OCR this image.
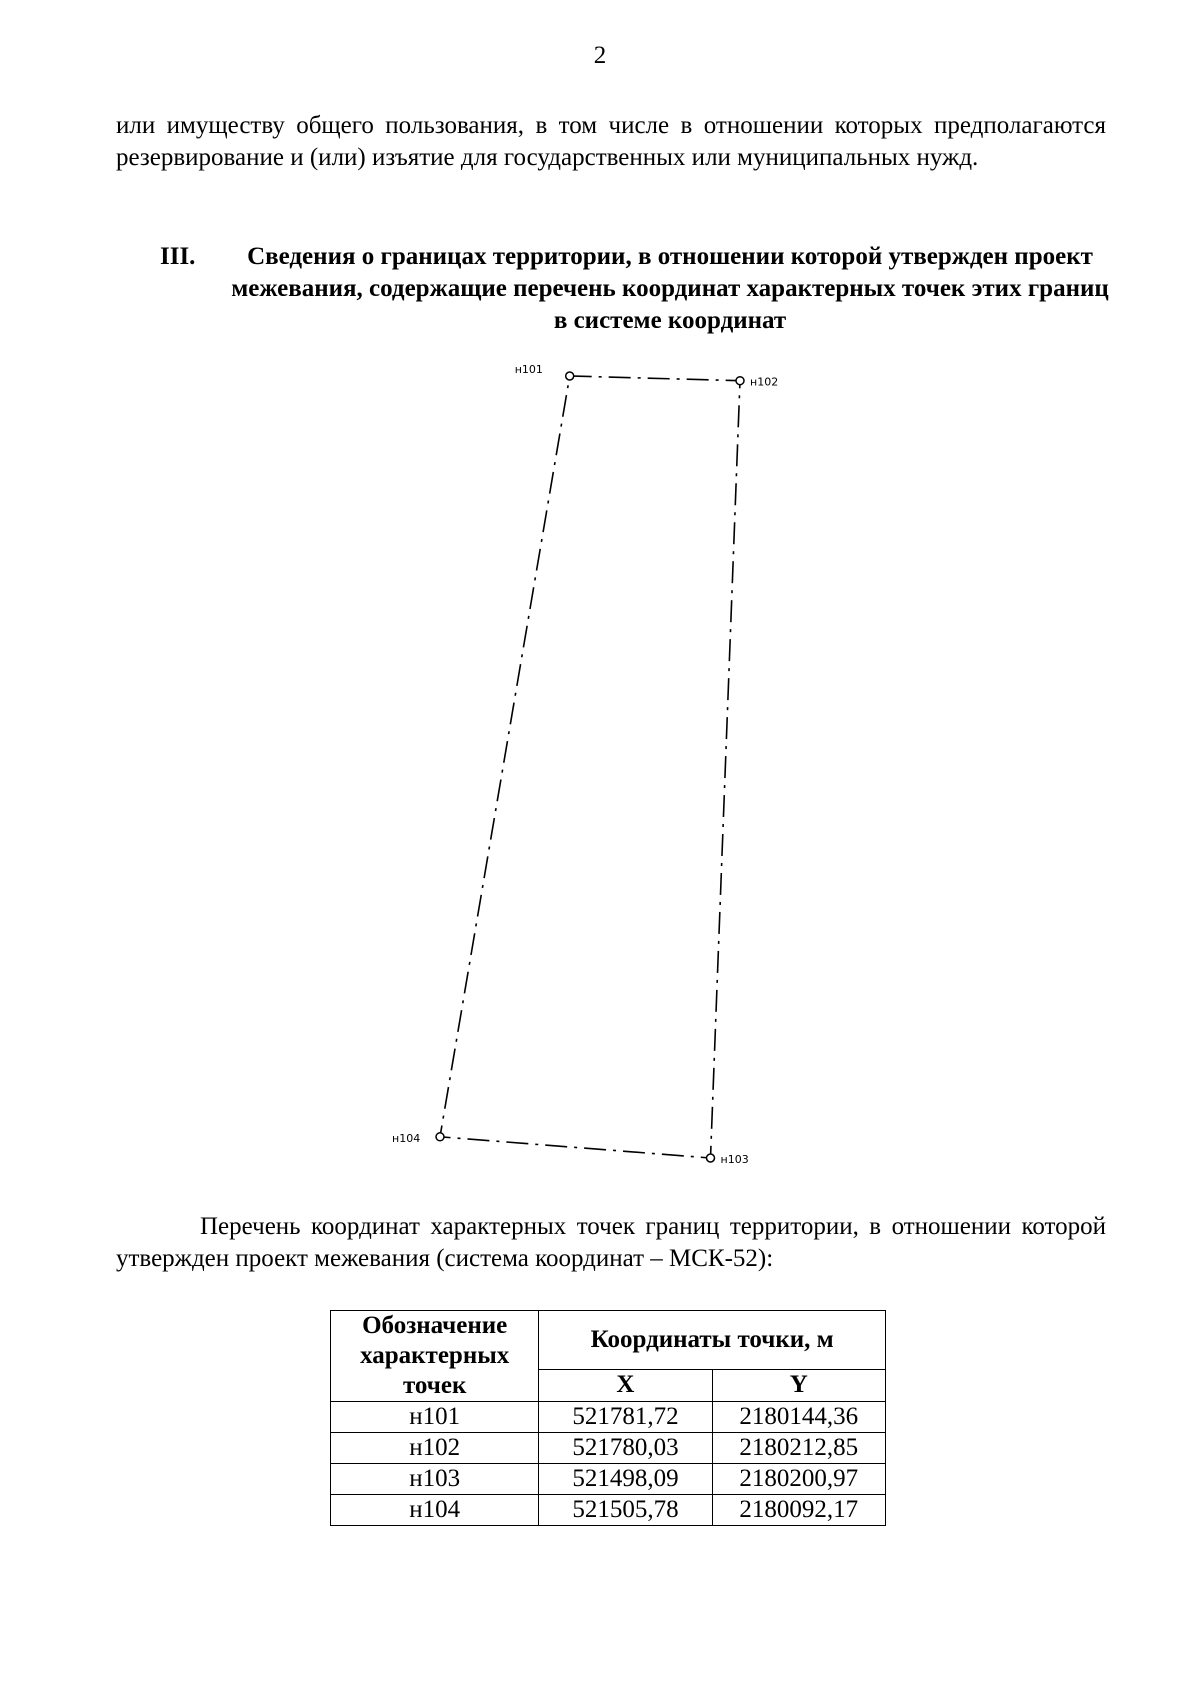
2

или имуществу общего пользования, в том числе в отношении которых предполагаются резервирование и (или) изъятие для государственных или муниципальных нужд.

III.	Сведения о границах территории, в отношении которой утвержден проект межевания, содержащие перечень координат характерных точек этих границ в системе координат
н101
н102
н103
н104

Перечень координат характерных точек границ территории, в отношении которой утвержден проект межевания (система координат – МСК-52):

Обозначение характерных точек	Координаты точки, м	
	X	Y
н101	521781,72	2180144,36
н102	521780,03	2180212,85
н103	521498,09	2180200,97
н104	521505,78	2180092,17
